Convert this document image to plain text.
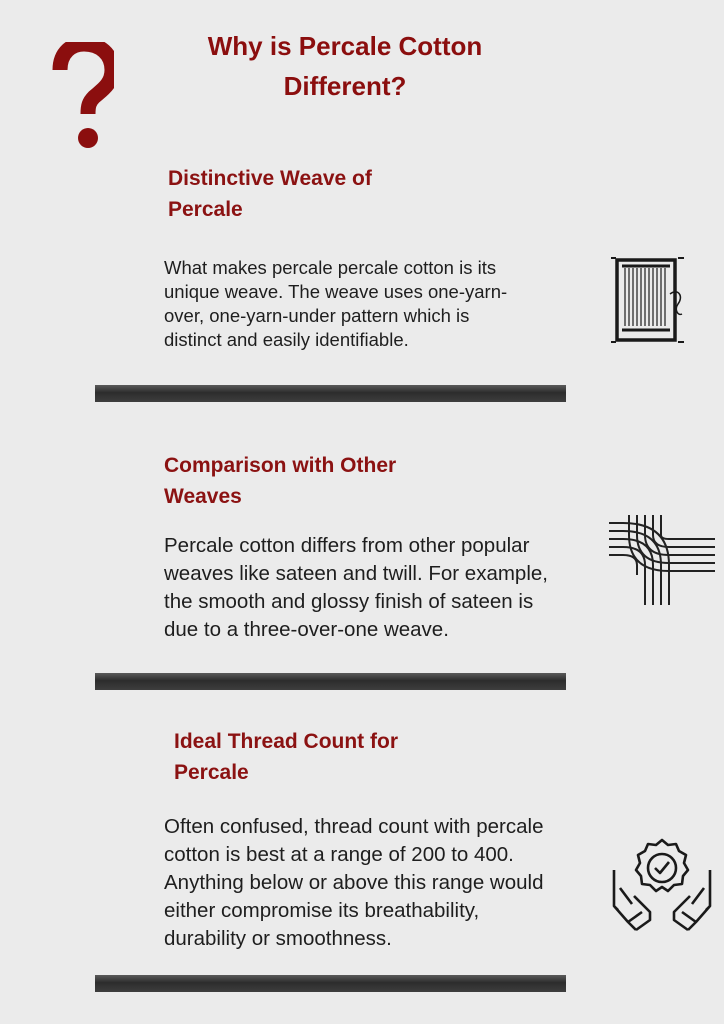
Why is Percale Cotton Different?
Distinctive Weave of Percale

What makes percale percale cotton is its unique weave. The weave uses one-yarn-over, one-yarn-under pattern which is distinct and easily identifiable.

Comparison with Other Weaves

Percale cotton differs from other popular weaves like sateen and twill. For example, the smooth and glossy finish of sateen is due to a three-over-one weave.

Ideal Thread Count for Percale

Often confused, thread count with percale cotton is best at a range of 200 to 400. Anything below or above this range would either compromise its breathability, durability or smoothness.
